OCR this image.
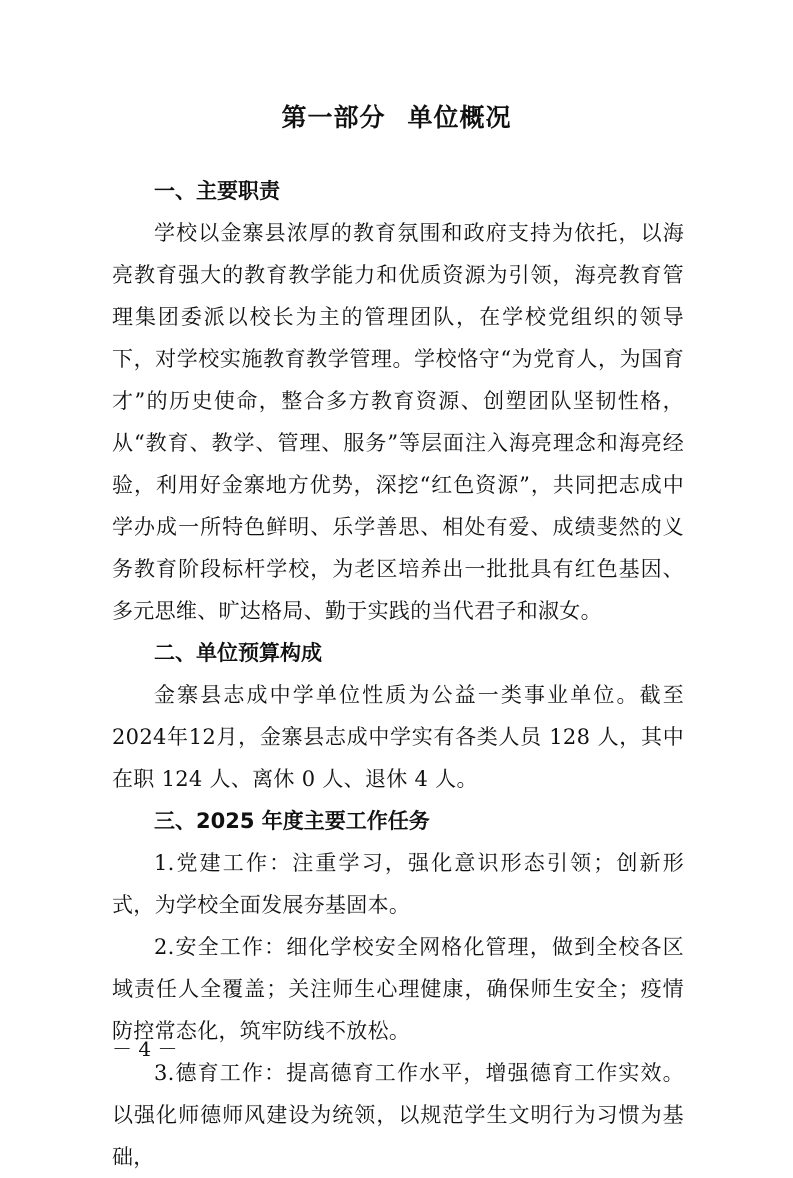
第一部分 单位概况
一、主要职责

学校以金寨县浓厚的教育氛围和政府支持为依托，以海亮教育强大的教育教学能力和优质资源为引领，海亮教育管理集团委派以校长为主的管理团队，在学校党组织的领导下，对学校实施教育教学管理。学校恪守“为党育人，为国育才”的历史使命，整合多方教育资源、创塑团队坚韧性格，从“教育、教学、管理、服务”等层面注入海亮理念和海亮经验，利用好金寨地方优势，深挖“红色资源”，共同把志成中学办成一所特色鲜明、乐学善思、相处有爱、成绩斐然的义务教育阶段标杆学校，为老区培养出一批批具有红色基因、多元思维、旷达格局、勤于实践的当代君子和淑女。

二、单位预算构成

金寨县志成中学单位性质为公益一类事业单位。截至2024年12月，金寨县志成中学实有各类人员 128 人，其中在职 124 人、离休 0 人、退休 4 人。

三、2025 年度主要工作任务

1.党建工作：注重学习，强化意识形态引领；创新形式，为学校全面发展夯基固本。

2.安全工作：细化学校安全网格化管理，做到全校各区域责任人全覆盖；关注师生心理健康，确保师生安全；疫情防控常态化，筑牢防线不放松。

3.德育工作：提高德育工作水平，增强德育工作实效。以强化师德师风建设为统领，以规范学生文明行为习惯为基础，

－ 4 －
